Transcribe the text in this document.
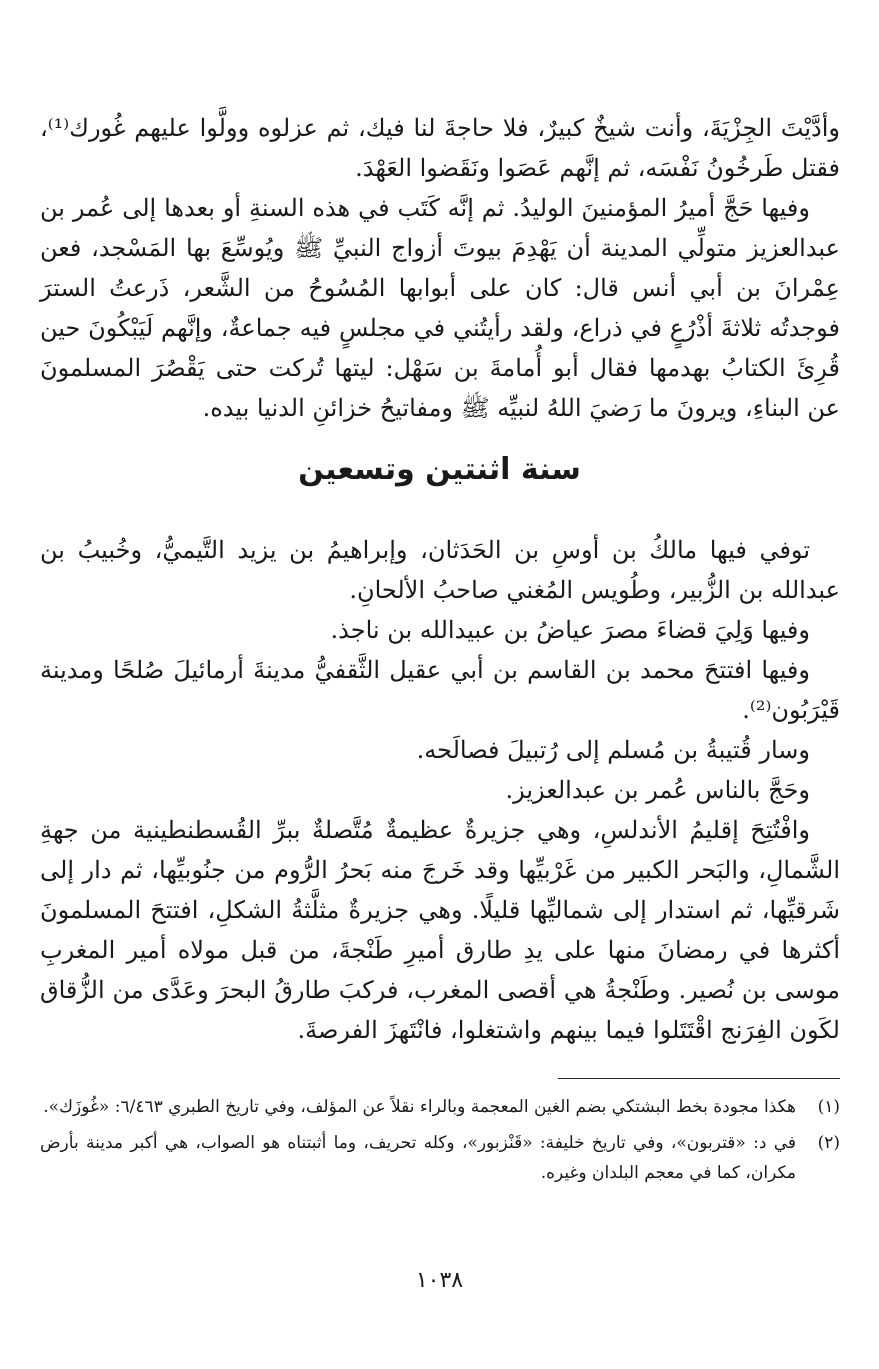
وأدَّيْتَ الجِزْيَةَ، وأنت شيخٌ كبيرٌ، فلا حاجةَ لنا فيك، ثم عزلوه وولَّوا عليهم غُورك⁽¹⁾، فقتل طَرخُونُ نَفْسَه، ثم إنَّهم عَصَوا ونَقَضوا العَهْدَ.

وفيها حَجَّ أميرُ المؤمنينَ الوليدُ. ثم إنَّه كَتَب في هذه السنةِ أو بعدها إلى عُمر بن عبدالعزيز متولِّي المدينة أن يَهْدِمَ بيوتَ أزواج النبيِّ ﷺ ويُوسِّعَ بها المَسْجد، فعن عِمْرانَ بن أبي أنس قال: كان على أبوابها المُسُوحُ من الشَّعر، ذَرعتُ السترَ فوجدتُه ثلاثةَ أذْرُعٍ في ذراع، ولقد رأيتُني في مجلسٍ فيه جماعةٌ، وإنَّهم لَيَبْكُونَ حين قُرِئَ الكتابُ بهدمها فقال أبو أُمامةَ بن سَهْل: ليتها تُركت حتى يَقْصُرَ المسلمونَ عن البناءِ، ويرونَ ما رَضيَ اللهُ لنبيِّه ﷺ ومفاتيحُ خزائنِ الدنيا بيده.

سنة اثنتين وتسعين

توفي فيها مالكُ بن أوسِ بن الحَدَثان، وإبراهيمُ بن يزيد التَّيميُّ، وخُبيبُ بن عبدالله بن الزُّبير، وطُويس المُغني صاحبُ الألحانِ.

وفيها وَلِيَ قضاءَ مصرَ عياضُ بن عبيدالله بن ناجذ.

وفيها افتتحَ محمد بن القاسم بن أبي عقيل الثَّقفيُّ مدينةَ أرمائيلَ صُلحًا ومدينة قَيْرَبُون⁽²⁾.

وسار قُتيبةُ بن مُسلم إلى رُتبيلَ فصالَحه.

وحَجَّ بالناس عُمر بن عبدالعزيز.

وافْتُتِحَ إقليمُ الأندلسِ، وهي جزيرةٌ عظيمةٌ مُتَّصلةٌ ببرِّ القُسطنطينية من جهةِ الشَّمالِ، والبَحر الكبير من غَرْبيِّها وقد خَرجَ منه بَحرُ الرُّوم من جنُوبيِّها، ثم دار إلى شَرقيِّها، ثم استدار إلى شماليِّها قليلًا. وهي جزيرةٌ مثلَّثةُ الشكلِ، افتتحَ المسلمونَ أكثرها في رمضانَ منها على يدِ طارق أميرِ طَنْجةَ، من قبل مولاه أمير المغربِ موسى بن نُصير. وطَنْجةُ هي أقصى المغرب، فركبَ طارقُ البحرَ وعَدَّى من الزُّقاق لكَون الفِرَنج اقْتَتَلوا فيما بينهم واشتغلوا، فانْتَهزَ الفرصةَ.

(١)
هكذا مجودة بخط البشتكي بضم الغين المعجمة وبالراء نقلاً عن المؤلف، وفي تاريخ الطبري ٦/٤٦٣: «غُوزَك».

(٢)
في د: «قتربون»، وفي تاريخ خليفة: «قَنْزبور»، وكله تحريف، وما أثبتناه هو الصواب، هي أكبر مدينة بأرض مكران، كما في معجم البلدان وغيره.

١٠٣٨
